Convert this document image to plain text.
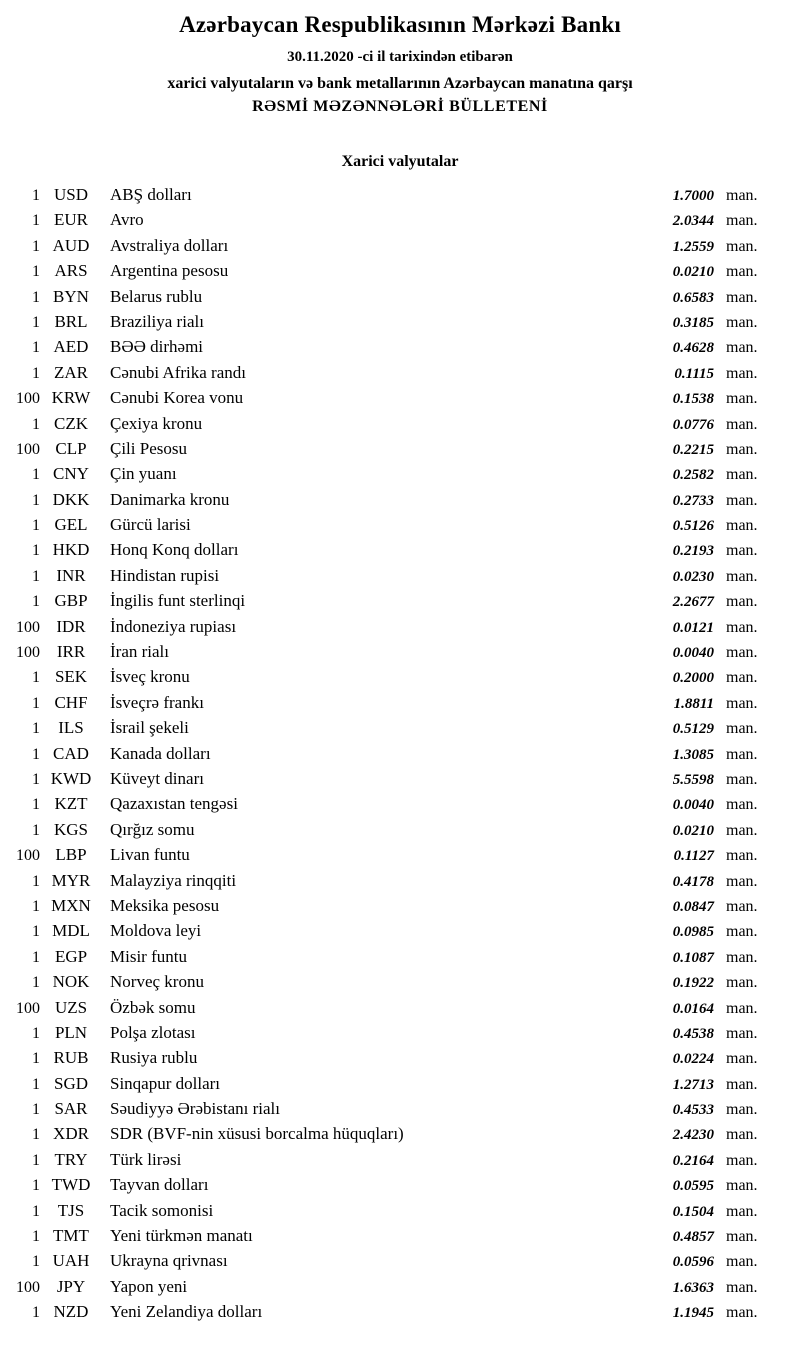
Azərbaycan Respublikasının Mərkəzi Bankı
30.11.2020 -ci il tarixindən etibarən
xarici valyutaların və bank metallarının Azərbaycan manatına qarşı
RƏSMİ MƏZƏNNƏLƏRİ BÜLLETENİ
Xarici valyutalar
1 USD	ABŞ dolları	1.7000 man.
1 EUR	Avro	2.0344 man.
1 AUD	Avstraliya dolları	1.2559 man.
1 ARS	Argentina pesosu	0.0210 man.
1 BYN	Belarus rublu	0.6583 man.
1 BRL	Braziliya rialı	0.3185 man.
1 AED	BƏƏ dirhəmi	0.4628 man.
1 ZAR	Cənubi Afrika randı	0.1115 man.
100 KRW	Cənubi Korea vonu	0.1538 man.
1 CZK	Çexiya kronu	0.0776 man.
100 CLP	Çili Pesosu	0.2215 man.
1 CNY	Çin yuanı	0.2582 man.
1 DKK	Danimarka kronu	0.2733 man.
1 GEL	Gürcü larisi	0.5126 man.
1 HKD	Honq Konq dolları	0.2193 man.
1 INR	Hindistan rupisi	0.0230 man.
1 GBP	İngilis funt sterlinqi	2.2677 man.
100 IDR	İndoneziya rupiası	0.0121 man.
100 IRR	İran rialı	0.0040 man.
1 SEK	İsveç kronu	0.2000 man.
1 CHF	İsveçrə frankı	1.8811 man.
1	ILS	İsrail şekeli	0.5129 man.
1 CAD	Kanada dolları	1.3085 man.
1 KWD	Küveyt dinarı	5.5598 man.
1 KZT	Qazaxıstan tengəsi	0.0040 man.
1 KGS	Qırğız somu	0.0210 man.
100 LBP	Livan funtu	0.1127 man.
1 MYR	Malayziya rinqqiti	0.4178 man.
1 MXN	Meksika pesosu	0.0847 man.
1 MDL	Moldova leyi	0.0985 man.
1 EGP	Misir funtu	0.1087 man.
1 NOK	Norveç kronu	0.1922 man.
100 UZS	Özbək somu	0.0164 man.
1 PLN	Polşa zlotası	0.4538 man.
1 RUB	Rusiya rublu	0.0224 man.
1 SGD	Sinqapur dolları	1.2713 man.
1 SAR	Səudiyyə Ərəbistanı rialı	0.4533 man.
1 XDR	SDR (BVF-nin xüsusi borcalma hüquqları)	2.4230 man.
1 TRY	Türk lirəsi	0.2164 man.
1 TWD	Tayvan dolları	0.0595 man.
1	TJS	Tacik somonisi	0.1504 man.
1 TMT	Yeni türkmən manatı	0.4857 man.
1 UAH	Ukrayna qrivnası	0.0596 man.
100 JPY	Yapon yeni	1.6363 man.
1 NZD	Yeni Zelandiya dolları	1.1945 man.
